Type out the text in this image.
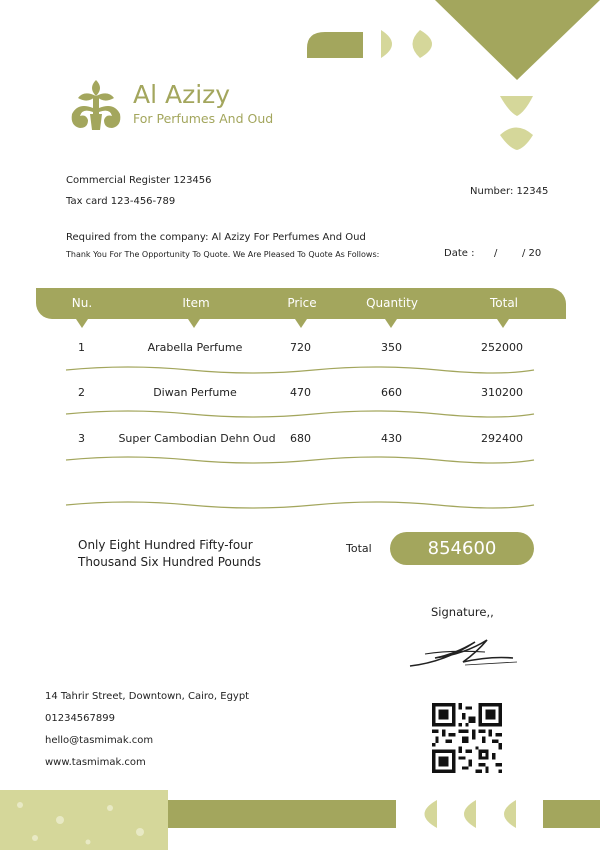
Al Azizy
For Perfumes And Oud
Commercial Register 123456
Tax card 123-456-789
Number: 12345
Required from the company: Al Azizy For Perfumes And Oud
Thank You For The Opportunity To Quote. We Are Pleased To Quote As Follows:	Date : / / 20
Nu.	Item	Price	Quantity	Total
1	Arabella Perfume	720	350	252000
2	Diwan Perfume	470	660	310200
3	Super Cambodian Dehn Oud	680	430	292400
Only Eight Hundred Fifty-four
Thousand Six Hundred Pounds
Total	854600
Signature,,
14 Tahrir Street, Downtown, Cairo, Egypt
01234567899
hello@tasmimak.com
www.tasmimak.com
